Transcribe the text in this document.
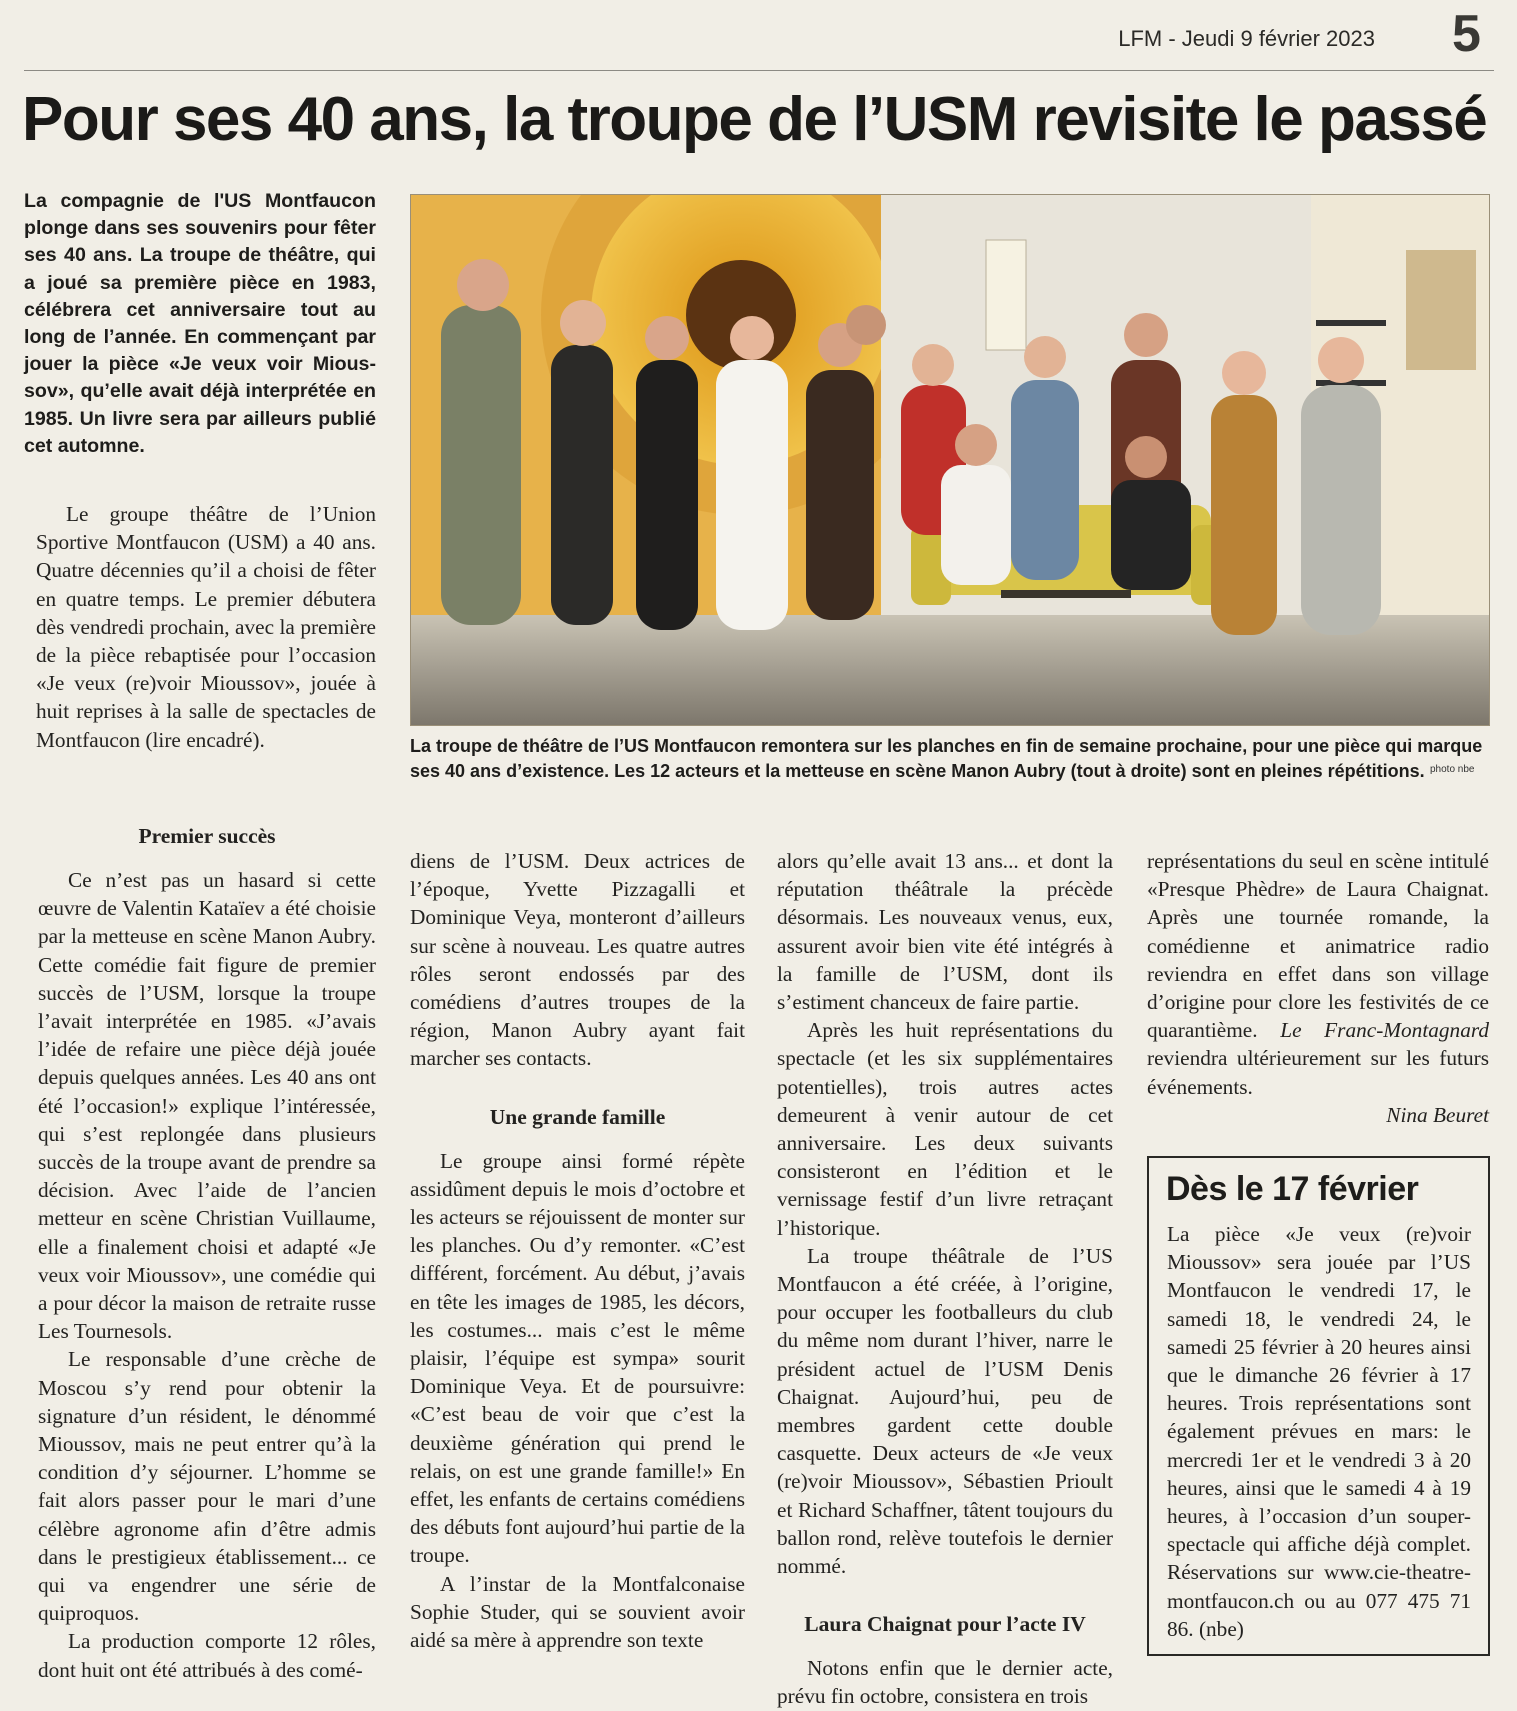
LFM - Jeudi 9 février 2023 5
Pour ses 40 ans, la troupe de l’USM revisite le passé

La compagnie de l'US Montfaucon plonge dans ses souvenirs pour fêter ses 40 ans. La troupe de théâtre, qui a joué sa première pièce en 1983, célébrera cet anniversaire tout au long de l’année. En commençant par jouer la pièce «Je veux voir Mioussov», qu’elle avait déjà interprétée en 1985. Un livre sera par ailleurs publié cet automne.

Le groupe théâtre de l’Union Sportive Montfaucon (USM) a 40 ans. Quatre décennies qu’il a choisi de fêter en quatre temps. Le premier débutera dès vendredi prochain, avec la première de la pièce rebaptisée pour l’occasion «Je veux (re)voir Mioussov», jouée à huit reprises à la salle de spectacles de Montfaucon (lire encadré).	La troupe de théâtre de l’US Montfaucon remontera sur les planches en fin de semaine prochaine, pour une pièce qui marque ses 40 ans d’existence. Les 12 acteurs et la metteuse en scène Manon Aubry (tout à droite) sont en pleines répétitions. photo nbe

Premier succès

Ce n’est pas un hasard si cette œuvre de Valentin Kataïev a été choisie par la metteuse en scène Manon Aubry. Cette comédie fait figure de premier succès de l’USM, lorsque la troupe l’avait interprétée en 1985. «J’avais l’idée de refaire une pièce déjà jouée depuis quelques années. Les 40 ans ont été l’occasion!» explique l’intéressée, qui s’est replongée dans plusieurs succès de la troupe avant de prendre sa décision. Avec l’aide de l’ancien metteur en scène Christian Vuillaume, elle a finalement choisi et adapté «Je veux voir Mioussov», une comédie qui a pour décor la maison de retraite russe Les Tournesols.

Le responsable d’une crèche de Moscou s’y rend pour obtenir la signature d’un résident, le dénommé Mioussov, mais ne peut entrer qu’à la condition d’y séjourner. L’homme se fait alors passer pour le mari d’une célèbre agronome afin d’être admis dans le prestigieux établissement... ce qui va engendrer une série de quiproquos.

La production comporte 12 rôles, dont huit ont été attribués à des comé-

diens de l’USM. Deux actrices de l’époque, Yvette Pizzagalli et Dominique Veya, monteront d’ailleurs sur scène à nouveau. Les quatre autres rôles seront endossés par des comédiens d’autres troupes de la région, Manon Aubry ayant fait marcher ses contacts.

Une grande famille

Le groupe ainsi formé répète assidûment depuis le mois d’octobre et les acteurs se réjouissent de monter sur les planches. Ou d’y remonter. «C’est différent, forcément. Au début, j’avais en tête les images de 1985, les décors, les costumes... mais c’est le même plaisir, l’équipe est sympa» sourit Dominique Veya. Et de poursuivre: «C’est beau de voir que c’est la deuxième génération qui prend le relais, on est une grande famille!» En effet, les enfants de certains comédiens des débuts font aujourd’hui partie de la troupe.

A l’instar de la Montfalconaise Sophie Studer, qui se souvient avoir aidé sa mère à apprendre son texte

alors qu’elle avait 13 ans... et dont la réputation théâtrale la précède désormais. Les nouveaux venus, eux, assurent avoir bien vite été intégrés à la famille de l’USM, dont ils s’estiment chanceux de faire partie.

Après les huit représentations du spectacle (et les six supplémentaires potentielles), trois autres actes demeurent à venir autour de cet anniversaire. Les deux suivants consisteront en l’édition et le vernissage festif d’un livre retraçant l’historique.

La troupe théâtrale de l’US Montfaucon a été créée, à l’origine, pour occuper les footballeurs du club du même nom durant l’hiver, narre le président actuel de l’USM Denis Chaignat. Aujourd’hui, peu de membres gardent cette double casquette. Deux acteurs de «Je veux (re)voir Mioussov», Sébastien Prioult et Richard Schaffner, tâtent toujours du ballon rond, relève toutefois le dernier nommé.

Laura Chaignat pour l’acte IV

Notons enfin que le dernier acte, prévu fin octobre, consistera en trois

représentations du seul en scène intitulé «Presque Phèdre» de Laura Chaignat. Après une tournée romande, la comédienne et animatrice radio reviendra en effet dans son village d’origine pour clore les festivités de ce quarantième. Le Franc-Montagnard reviendra ultérieurement sur les futurs événements.

Nina Beuret

Dès le 17 février

La pièce «Je veux (re)voir Mioussov» sera jouée par l’US Montfaucon le vendredi 17, le samedi 18, le vendredi 24, le samedi 25 février à 20 heures ainsi que le dimanche 26 février à 17 heures. Trois représentations sont également prévues en mars: le mercredi 1er et le vendredi 3 à 20 heures, ainsi que le samedi 4 à 19 heures, à l’occasion d’un souper-spectacle qui affiche déjà complet. Réservations sur www.cie-theatre-montfaucon.ch ou au 077 475 71 86. (nbe)
